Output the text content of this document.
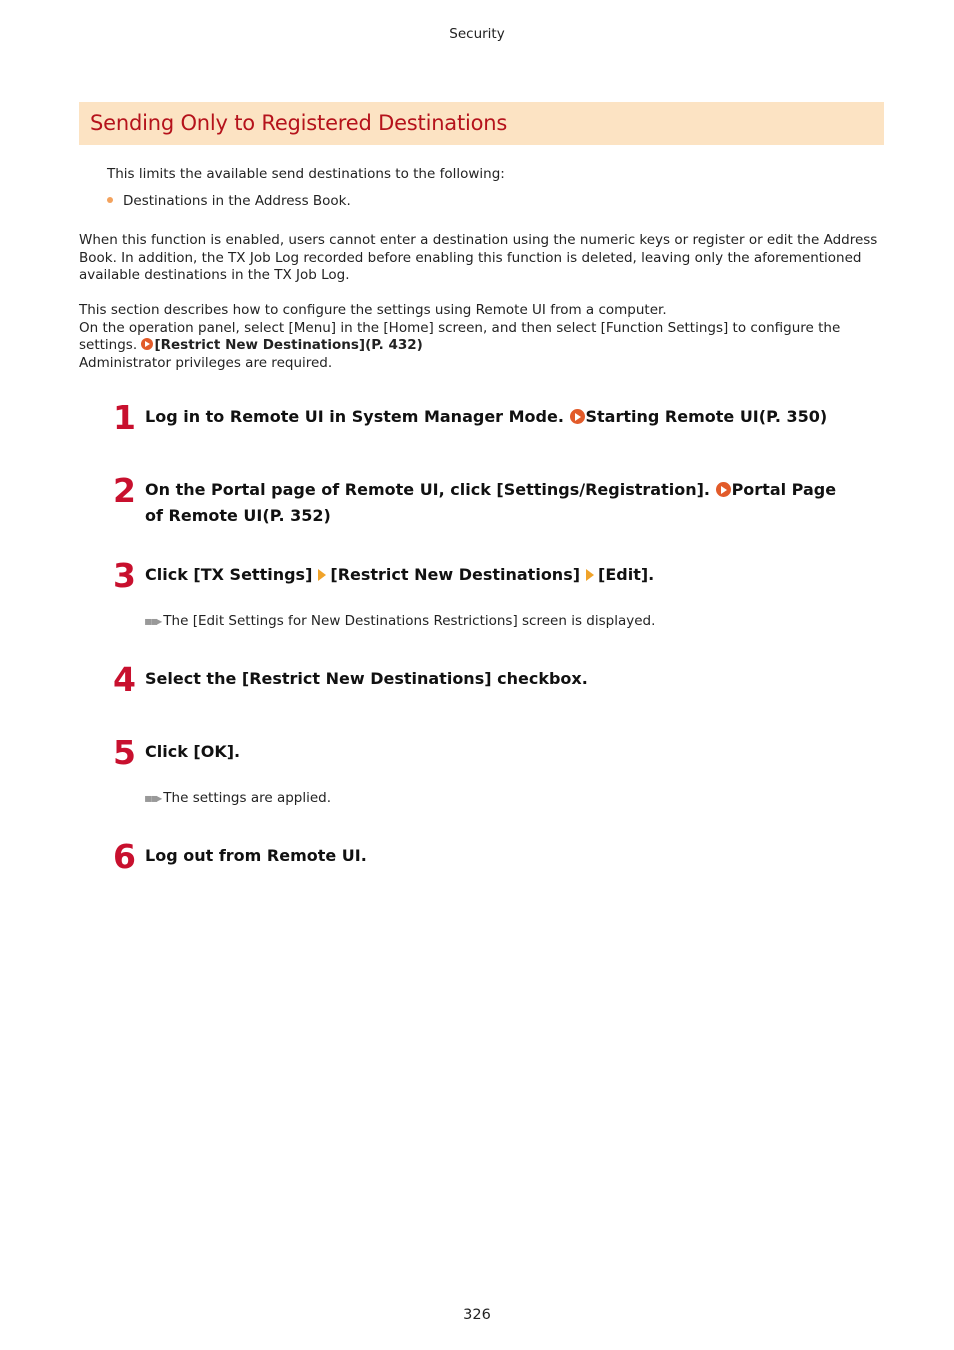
Security
Sending Only to Registered Destinations
This limits the available send destinations to the following:
Destinations in the Address Book.
When this function is enabled, users cannot enter a destination using the numeric keys or register or edit the Address Book. In addition, the TX Job Log recorded before enabling this function is deleted, leaving only the aforementioned available destinations in the TX Job Log.
This section describes how to configure the settings using Remote UI from a computer.
On the operation panel, select [Menu] in the [Home] screen, and then select [Function Settings] to configure the settings. [Restrict New Destinations](P. 432)
Administrator privileges are required.
1 Log in to Remote UI in System Manager Mode. Starting Remote UI(P. 350)
2 On the Portal page of Remote UI, click [Settings/Registration]. Portal Page of Remote UI(P. 352)
3 Click [TX Settings] [Restrict New Destinations] [Edit].
▪▪▸ The [Edit Settings for New Destinations Restrictions] screen is displayed.
4 Select the [Restrict New Destinations] checkbox.
5 Click [OK].
▪▪▸ The settings are applied.
6 Log out from Remote UI.
326
